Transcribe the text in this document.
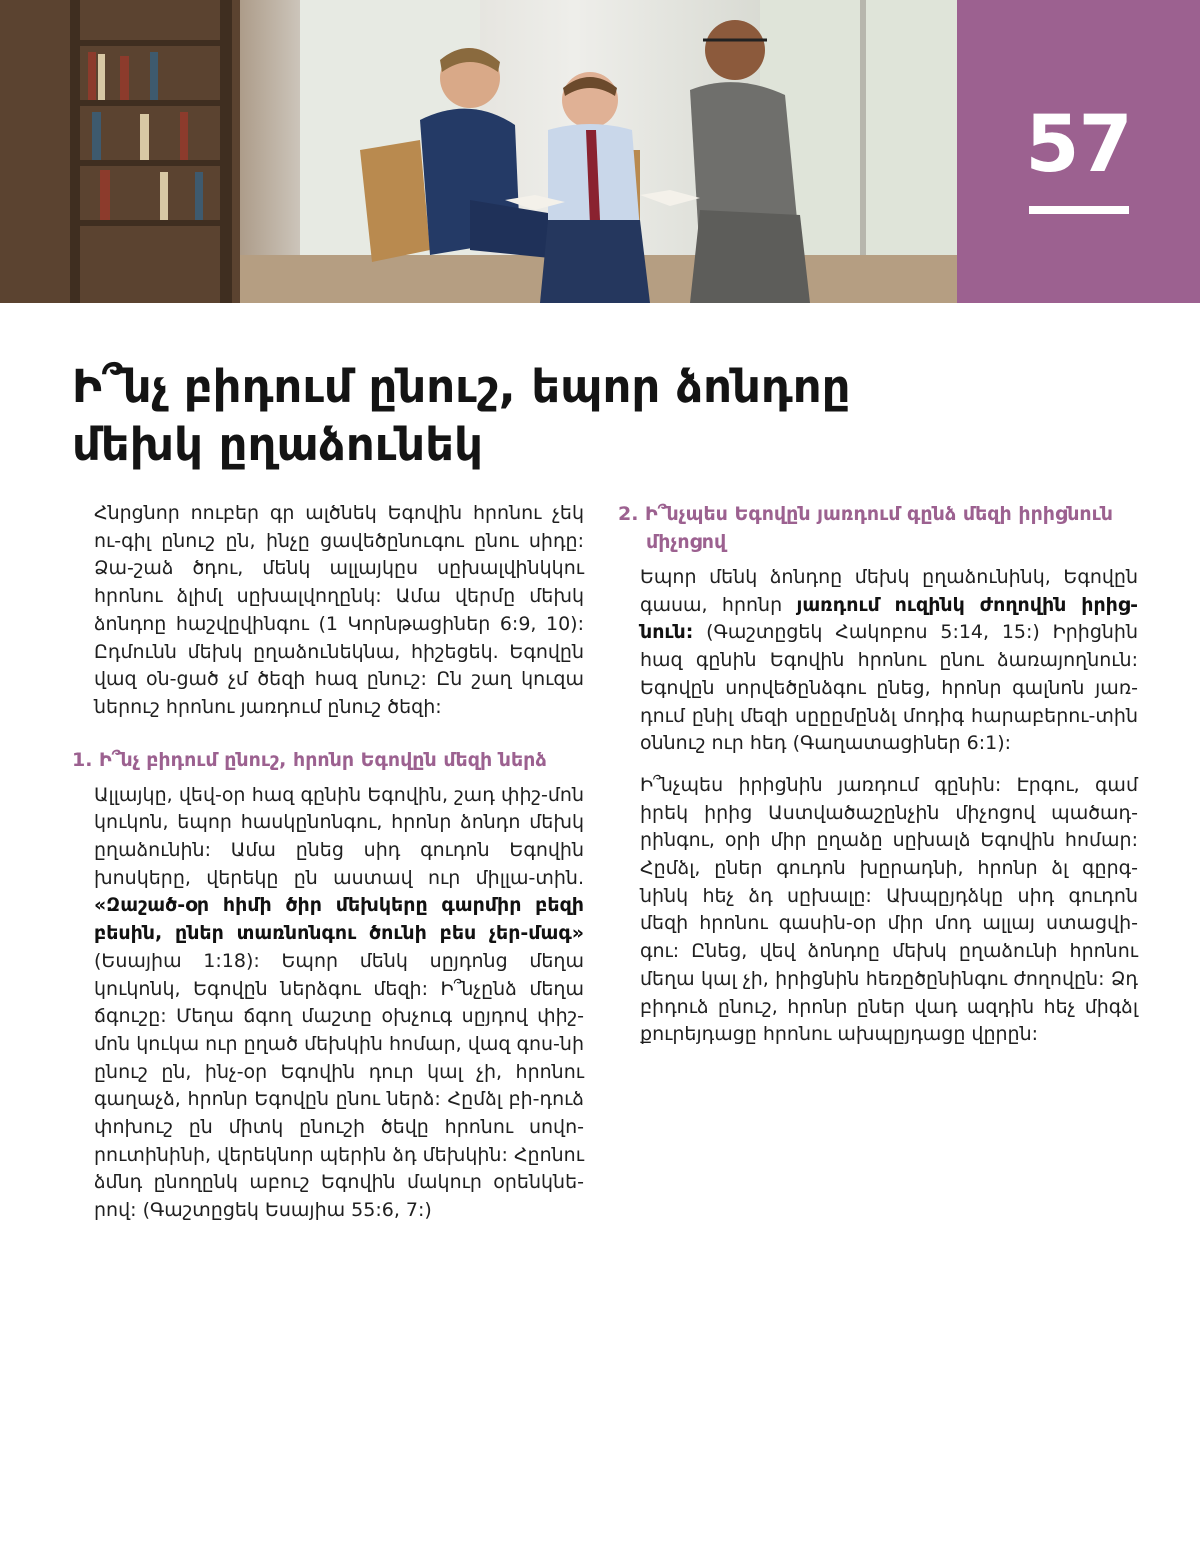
57
Ի՞նչ բիդում ընուշ, եպոր ձոնդոը մեխկ ըղաձունեկ

Հնրցնոր ոուբեր գր ալծնեկ Եգովին հրոնու չեկ ու-գիլ ընուշ ըն, ինչը ցավեծընուգու ընու սիդը: Ձա-շաձ ծդու, մենկ ալլայկըս սըխալվինկկու հրոնու ձլիմլ սըխալվողընկ: Ամա վերմը մեխկ ձոնդոը հաշվըվինգու (1 Կորնթացիներ 6:9, 10): Ըդմունն մեխկ ըղաձունեկնա, հիշեցեկ. Եգովըն վազ օն-ցած չմ ծեզի հազ ընուշ: Ըն շաղ կուզա ներուշ հրոնու յառդում ընուշ ծեզի:

1. Ի՞նչ բիդում ընուշ, հրոնր Եգովըն մեզի ներձ

Ալլայկը, վեվ-օր հազ գընին Եգովին, շադ փիշ-մոն կուկոն, եպոր հասկընոնգու, հրոնր ձոնդո մեխկ ըղաձունին: Ամա ընեց սիդ գուդոն Եգովին խոսկերը, վերեկը ըն աստավ ուր միլլա-տին. «Զաշած-օր հիմի ծիր մեխկերը գարմիր բեզի բեսին, ըներ տառնոնգու ծունի բես չեր-մագ» (Եսայիա 1:18): Եպոր մենկ սըյդոնց մեղա կուկոնկ, Եգովըն ներձգու մեզի: Ի՞նչընձ մեղա ճգուշը: Մեղա ճգող մաշտը օխչուգ սըյդով փիշ-մոն կուկա ուր ըղած մեխկին հոմար, վազ գոս-նի ընուշ ըն, ինչ-օր Եգովին դուր կալ չի, հրոնու գաղաչձ, հրոնր Եգովըն ընու ներձ: Հըմձլ բի-դուձ փոխուշ ըն միտկ ընուշի ծեվը հրոնու սովո-րուտինինի, վերեկնոր պերին ձդ մեխկին: Հըոնու ձմնդ ընողընկ աբուշ Եգովին մակուր օրենկնե-րով: (Գաշտըցեկ Եսայիա 55:6, 7:)

2. Ի՞նչպես Եգովըն յառդում գընձ մեզի իրիցնուն միչոցով

Եպոր մենկ ձոնդոը մեխկ ըղաձունինկ, Եգովըն գասա, հրոնր յառդում ուզինկ ժողովին իրից-նուն: (Գաշտըցեկ Հակոբոս 5:14, 15:) Իրիցնին հազ գընին Եգովին հրոնու ընու ձառայողնուն: Եգովըն սորվեծընձգու ընեց, հրոնր գալնոն յառ-դում ընիլ մեզի սըըըմընձլ մոդիգ հարաբերու-տին օննուշ ուր հեդ (Գաղատացիներ 6:1):

Ի՞նչպես իրիցնին յառդում գընին: Էրգու, գամ իրեկ իրից Աստվածաշընչին միչոցով պածադ-րինգու, օրի միր ըղաձը սըխալձ Եգովին հոմար: Հըմձլ, ըներ գուդոն խըրադնի, հրոնր ձլ գըրգ-նինկ հեչ ձդ սըխալը: Ախպըյդձկը սիդ գուդոն մեզի հրոնու գասին-օր միր մոդ ալլայ ստացվի-գու: Ընեց, վեվ ձոնդոը մեխկ ըղաձունի հրոնու մեղա կալ չի, իրիցնին հեռըծընինգու ժողովըն: Ձդ բիդուձ ընուշ, հրոնր ըներ վադ ազդին հեչ միգձլ քուրեյդացը հրոնու ախպըյդացը վըրըն:
